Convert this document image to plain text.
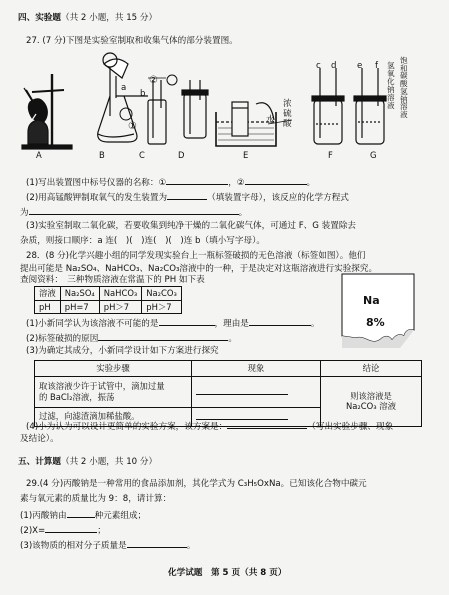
四、实验题（共 2 小题，共 15 分）
27. (7 分)下图是实验室制取和收集气体的部分装置图。
①
②
a
b
水
c d e f
浓
硫
酸
氢
氧
化
钠
溶
液
饱
和
碳
酸
氢
钠
溶
液
A	B	C	D	E	F	G
(1)写出装置图中标号仪器的名称：①	，②	。
(2)用高锰酸钾制取氧气的发生装置为	（填装置字母），该反应的化学方程式
为	。
(3)实验室制取二氧化碳，若要收集到纯净干燥的二氧化碳气体，可通过 F、G 装置除去
杂质，则接口顺序：a 连(　)(　)连(　)(　)连 b（填小写字母）。
28．(8 分)化学兴趣小组的同学发现实验台上一瓶标签破损的无色溶液（标签如图）。他们
提出可能是 Na₂SO₄、NaHCO₃、Na₂CO₃溶液中的一种，于是决定对这瓶溶液进行实验探究。
查阅资料：　三种物质溶液在常温下的 PH 如下表
溶液	Na₂SO₄	NaHCO₃	Na₂CO₃
pH	pH=7	pH＞7	pH＞7	Na
8%
(1)小新同学认为该溶液不可能的是	，理由是	。
(2)标签破损的原因	。
(3)为确定其成分，小新同学设计如下方案进行探究
实验步骤	现象	结论
取该溶液少许于试管中，滴加过量
的 BaCl₂溶液，振荡		则该溶液是
Na₂CO₃ 溶液
过滤，向滤渣滴加稀盐酸。		
(4)小为认为可以设计更简单的实验方案，该方案是：	（写出实验步骤、现象
及结论）。
五、计算题（共 2 小题，共 10 分）
29.(4 分)丙酸钠是一种常用的食品添加剂，其化学式为 C₃H₅OxNa。已知该化合物中碳元
素与氧元素的质量比为 9：8，请计算：
(1)丙酸钠由	种元素组成；
(2)X=	；
(3)该物质的相对分子质量是	。
化学试题　第 5 页（共 8 页）
